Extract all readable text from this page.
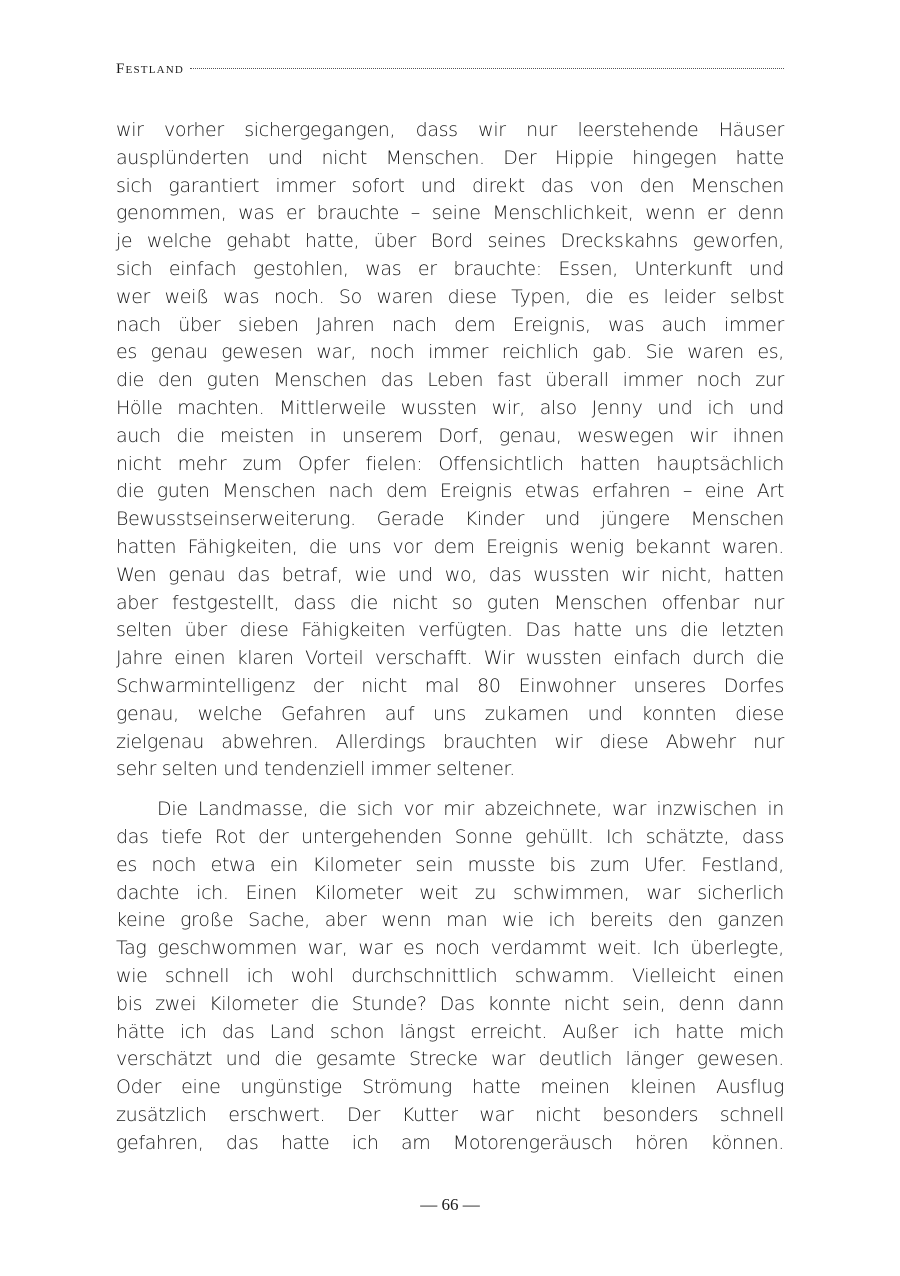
Festland
wir vorher sichergegangen, dass wir nur leerstehende Häuser
ausplünderten und nicht Menschen. Der Hippie hingegen hatte
sich garantiert immer sofort und direkt das von den Menschen
genommen, was er brauchte – seine Menschlichkeit, wenn er denn
je welche gehabt hatte, über Bord seines Dreckskahns geworfen,
sich einfach gestohlen, was er brauchte: Essen, Unterkunft und
wer weiß was noch. So waren diese Typen, die es leider selbst
nach über sieben Jahren nach dem Ereignis, was auch immer
es genau gewesen war, noch immer reichlich gab. Sie waren es,
die den guten Menschen das Leben fast überall immer noch zur
Hölle machten. Mittlerweile wussten wir, also Jenny und ich und
auch die meisten in unserem Dorf, genau, weswegen wir ihnen
nicht mehr zum Opfer fielen: Offensichtlich hatten hauptsächlich
die guten Menschen nach dem Ereignis etwas erfahren – eine Art
Bewusstseinserweiterung. Gerade Kinder und jüngere Menschen
hatten Fähigkeiten, die uns vor dem Ereignis wenig bekannt waren.
Wen genau das betraf, wie und wo, das wussten wir nicht, hatten
aber festgestellt, dass die nicht so guten Menschen offenbar nur
selten über diese Fähigkeiten verfügten. Das hatte uns die letzten
Jahre einen klaren Vorteil verschafft. Wir wussten einfach durch die
Schwarmintelligenz der nicht mal 80 Einwohner unseres Dorfes
genau, welche Gefahren auf uns zukamen und konnten diese
zielgenau abwehren. Allerdings brauchten wir diese Abwehr nur
sehr selten und tendenziell immer seltener.
Die Landmasse, die sich vor mir abzeichnete, war inzwischen in
das tiefe Rot der untergehenden Sonne gehüllt. Ich schätzte, dass
es noch etwa ein Kilometer sein musste bis zum Ufer. Festland,
dachte ich. Einen Kilometer weit zu schwimmen, war sicherlich
keine große Sache, aber wenn man wie ich bereits den ganzen
Tag geschwommen war, war es noch verdammt weit. Ich überlegte,
wie schnell ich wohl durchschnittlich schwamm. Vielleicht einen
bis zwei Kilometer die Stunde? Das konnte nicht sein, denn dann
hätte ich das Land schon längst erreicht. Außer ich hatte mich
verschätzt und die gesamte Strecke war deutlich länger gewesen.
Oder eine ungünstige Strömung hatte meinen kleinen Ausflug
zusätzlich erschwert. Der Kutter war nicht besonders schnell
gefahren, das hatte ich am Motorengeräusch hören können.
— 66 —
